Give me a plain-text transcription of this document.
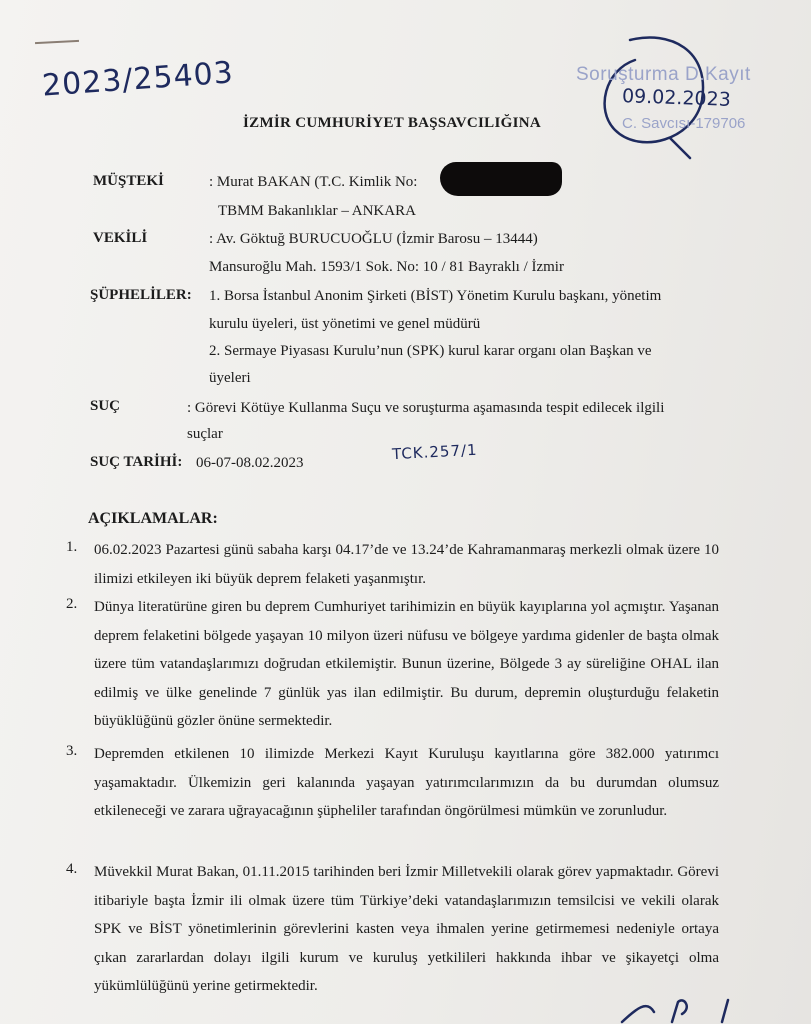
2023/25403	Soruşturma D.Kayıt
09.02.2023
C. Savcısı-179706
İZMİR CUMHURİYET BAŞSAVCILIĞINA
MÜŞTEKİ	: Murat BAKAN (T.C. Kimlik No:
TBMM Bakanlıklar – ANKARA
VEKİLİ	: Av. Göktuğ BURUCUOĞLU (İzmir Barosu – 13444)
Mansuroğlu Mah. 1593/1 Sok. No: 10 / 81 Bayraklı / İzmir
ŞÜPHELİLER: 1. Borsa İstanbul Anonim Şirketi (BİST) Yönetim Kurulu başkanı, yönetim
kurulu üyeleri, üst yönetimi ve genel müdürü
2. Sermaye Piyasası Kurulu’nun (SPK) kurul karar organı olan Başkan ve
üyeleri
SUÇ	: Görevi Kötüye Kullanma Suçu ve soruşturma aşamasında tespit edilecek ilgili
suçlar
TCK.257/1
SUÇ TARİHİ: 06-07-08.02.2023
AÇIKLAMALAR:
1. 06.02.2023 Pazartesi günü sabaha karşı 04.17’de ve 13.24’de Kahramanmaraş merkezli olmak üzere 10 ilimizi etkileyen iki büyük deprem felaketi yaşanmıştır.
2. Dünya literatürüne giren bu deprem Cumhuriyet tarihimizin en büyük kayıplarına yol açmıştır. Yaşanan deprem felaketini bölgede yaşayan 10 milyon üzeri nüfusu ve bölgeye yardıma gidenler de başta olmak üzere tüm vatandaşlarımızı doğrudan etkilemiştir. Bunun üzerine, Bölgede 3 ay süreliğine OHAL ilan edilmiş ve ülke genelinde 7 günlük yas ilan edilmiştir. Bu durum, depremin oluşturduğu felaketin büyüklüğünü gözler önüne sermektedir.
3. Depremden etkilenen 10 ilimizde Merkezi Kayıt Kuruluşu kayıtlarına göre 382.000 yatırımcı yaşamaktadır. Ülkemizin geri kalanında yaşayan yatırımcılarımızın da bu durumdan olumsuz etkileneceği ve zarara uğrayacağının şüpheliler tarafından öngörülmesi mümkün ve zorunludur.
4. Müvekkil Murat Bakan, 01.11.2015 tarihinden beri İzmir Milletvekili olarak görev yapmaktadır. Görevi itibariyle başta İzmir ili olmak üzere tüm Türkiye’deki vatandaşlarımızın temsilcisi ve vekili olarak SPK ve BİST yönetimlerinin görevlerini kasten veya ihmalen yerine getirmemesi nedeniyle ortaya çıkan zararlardan dolayı ilgili kurum ve kuruluş yetkilileri hakkında ihbar ve şikayetçi olma yükümlülüğünü yerine getirmektedir.
